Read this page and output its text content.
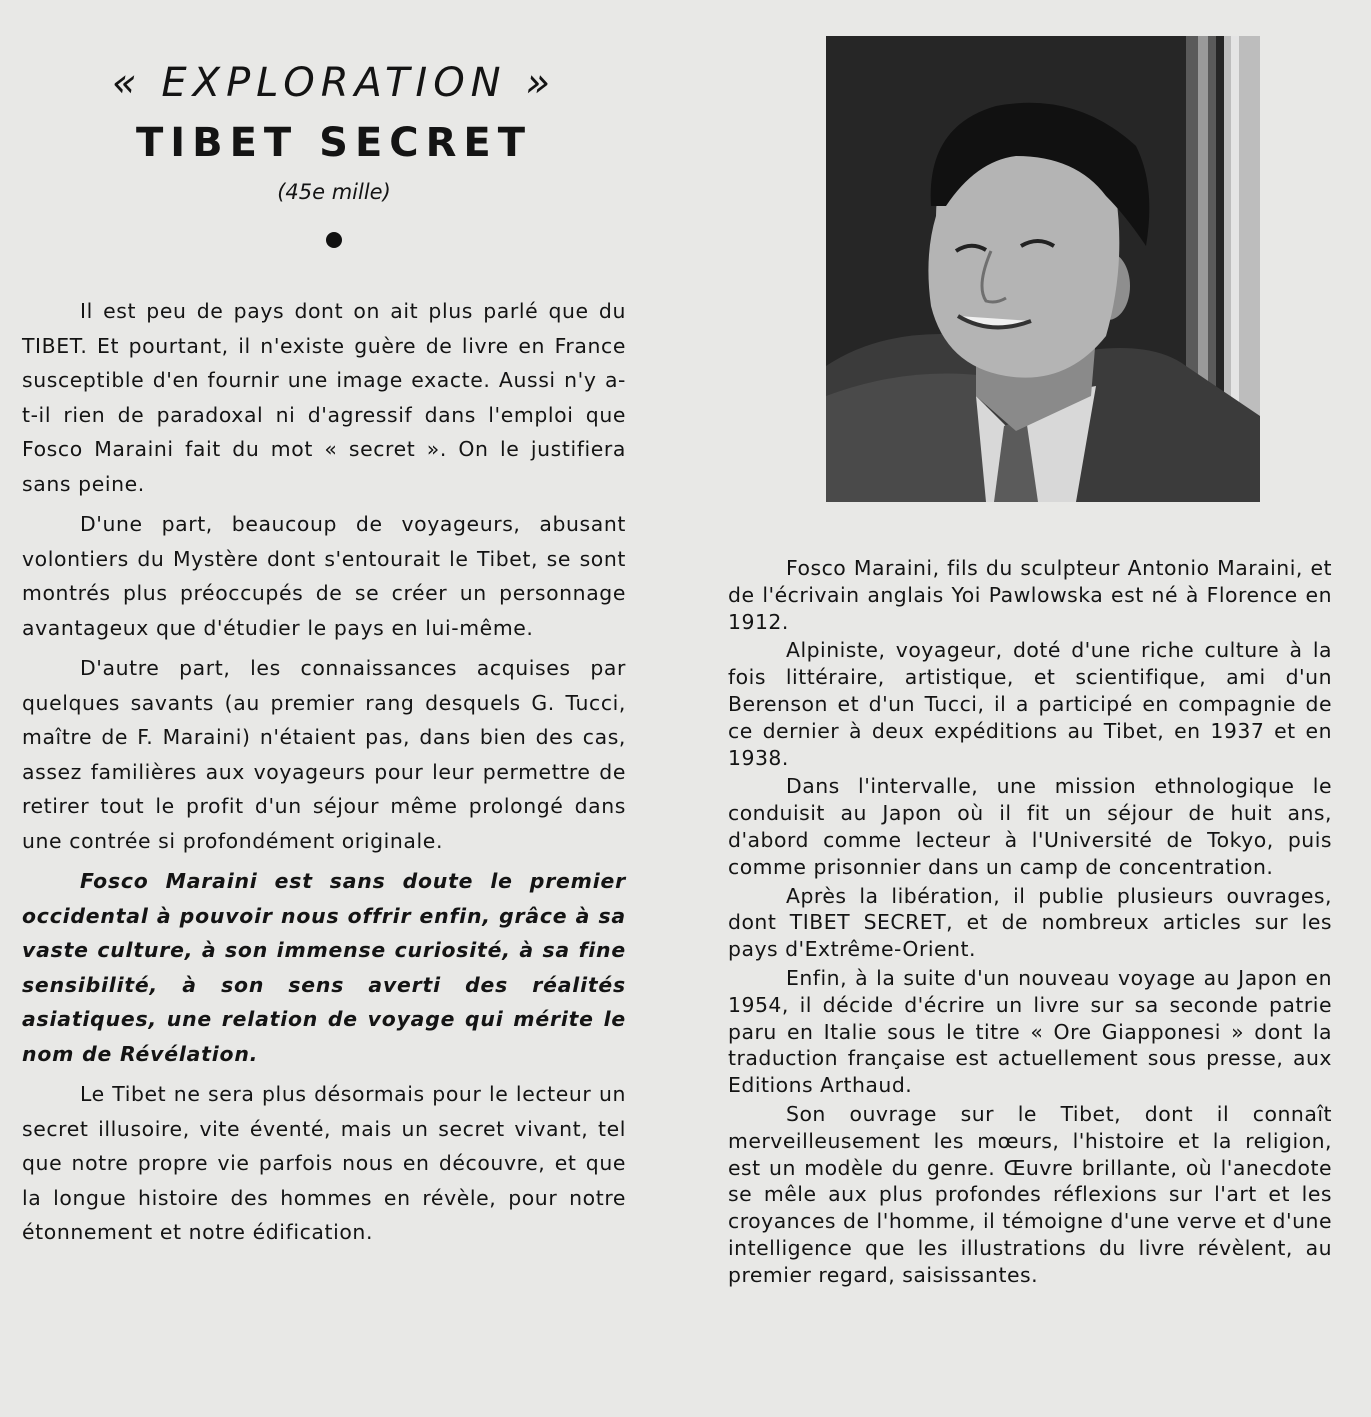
« EXPLORATION »
TIBET SECRET
(45e mille)

Il est peu de pays dont on ait plus parlé que du TIBET. Et pourtant, il n'existe guère de livre en France susceptible d'en fournir une image exacte. Aussi n'y a-t-il rien de paradoxal ni d'agressif dans l'emploi que Fosco Maraini fait du mot « secret ». On le justifiera sans peine.

D'une part, beaucoup de voyageurs, abusant volontiers du Mystère dont s'entourait le Tibet, se sont montrés plus préoccupés de se créer un personnage avantageux que d'étudier le pays en lui-même.

D'autre part, les connaissances acquises par quelques savants (au premier rang desquels G. Tucci, maître de F. Maraini) n'étaient pas, dans bien des cas, assez familières aux voyageurs pour leur permettre de retirer tout le profit d'un séjour même prolongé dans une contrée si profondément originale.

Fosco Maraini est sans doute le premier occidental à pouvoir nous offrir enfin, grâce à sa vaste culture, à son immense curiosité, à sa fine sensibilité, à son sens averti des réalités asiatiques, une relation de voyage qui mérite le nom de Révélation.

Le Tibet ne sera plus désormais pour le lecteur un secret illusoire, vite éventé, mais un secret vivant, tel que notre propre vie parfois nous en découvre, et que la longue histoire des hommes en révèle, pour notre étonnement et notre édification.

Fosco Maraini, fils du sculpteur Antonio Maraini, et de l'écrivain anglais Yoi Pawlowska est né à Florence en 1912.

Alpiniste, voyageur, doté d'une riche culture à la fois littéraire, artistique, et scientifique, ami d'un Berenson et d'un Tucci, il a participé en compagnie de ce dernier à deux expéditions au Tibet, en 1937 et en 1938.

Dans l'intervalle, une mission ethnologique le conduisit au Japon où il fit un séjour de huit ans, d'abord comme lecteur à l'Université de Tokyo, puis comme prisonnier dans un camp de concentration.

Après la libération, il publie plusieurs ouvrages, dont TIBET SECRET, et de nombreux articles sur les pays d'Extrême-Orient.

Enfin, à la suite d'un nouveau voyage au Japon en 1954, il décide d'écrire un livre sur sa seconde patrie paru en Italie sous le titre « Ore Giapponesi » dont la traduction française est actuellement sous presse, aux Editions Arthaud.

Son ouvrage sur le Tibet, dont il connaît merveilleusement les mœurs, l'histoire et la religion, est un modèle du genre. Œuvre brillante, où l'anecdote se mêle aux plus profondes réflexions sur l'art et les croyances de l'homme, il témoigne d'une verve et d'une intelligence que les illustrations du livre révèlent, au premier regard, saisissantes.
